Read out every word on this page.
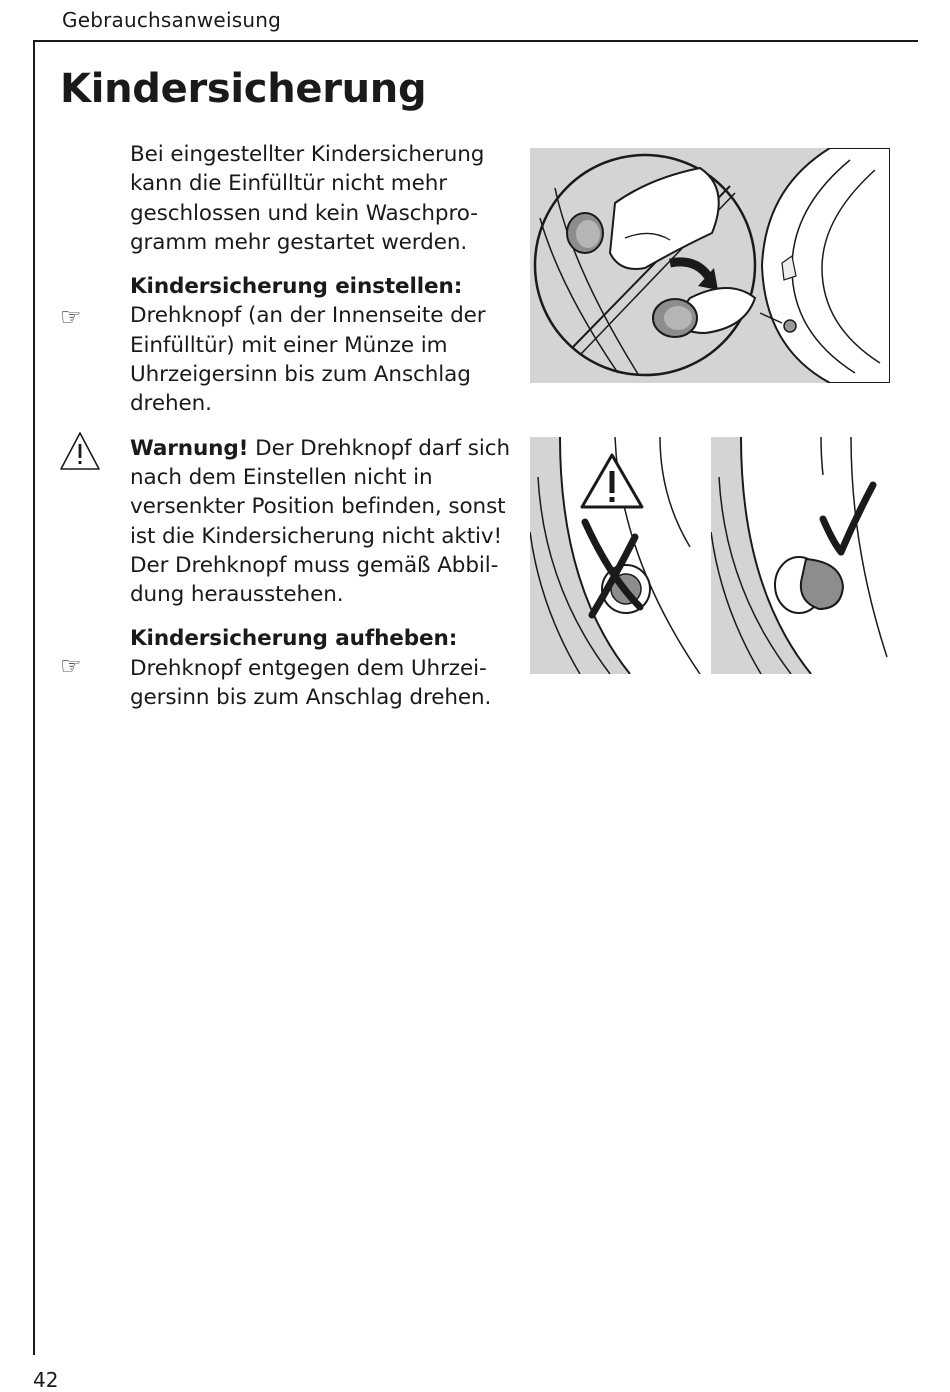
Gebrauchsanweisung
Kindersicherung
☞
☞

Bei eingestellter Kindersicherung kann die Einfülltür nicht mehr geschlossen und kein Waschpro-gramm mehr gestartet werden.

Kindersicherung einstellen:

Drehknopf (an der Innenseite der Einfülltür) mit einer Münze im Uhrzeigersinn bis zum Anschlag drehen.

Warnung! Der Drehknopf darf sich nach dem Einstellen nicht in versenkter Position befinden, sonst ist die Kindersicherung nicht aktiv! Der Drehknopf muss gemäß Abbil-dung herausstehen.

Kindersicherung aufheben:

Drehknopf entgegen dem Uhrzei-gersinn bis zum Anschlag drehen.

42
